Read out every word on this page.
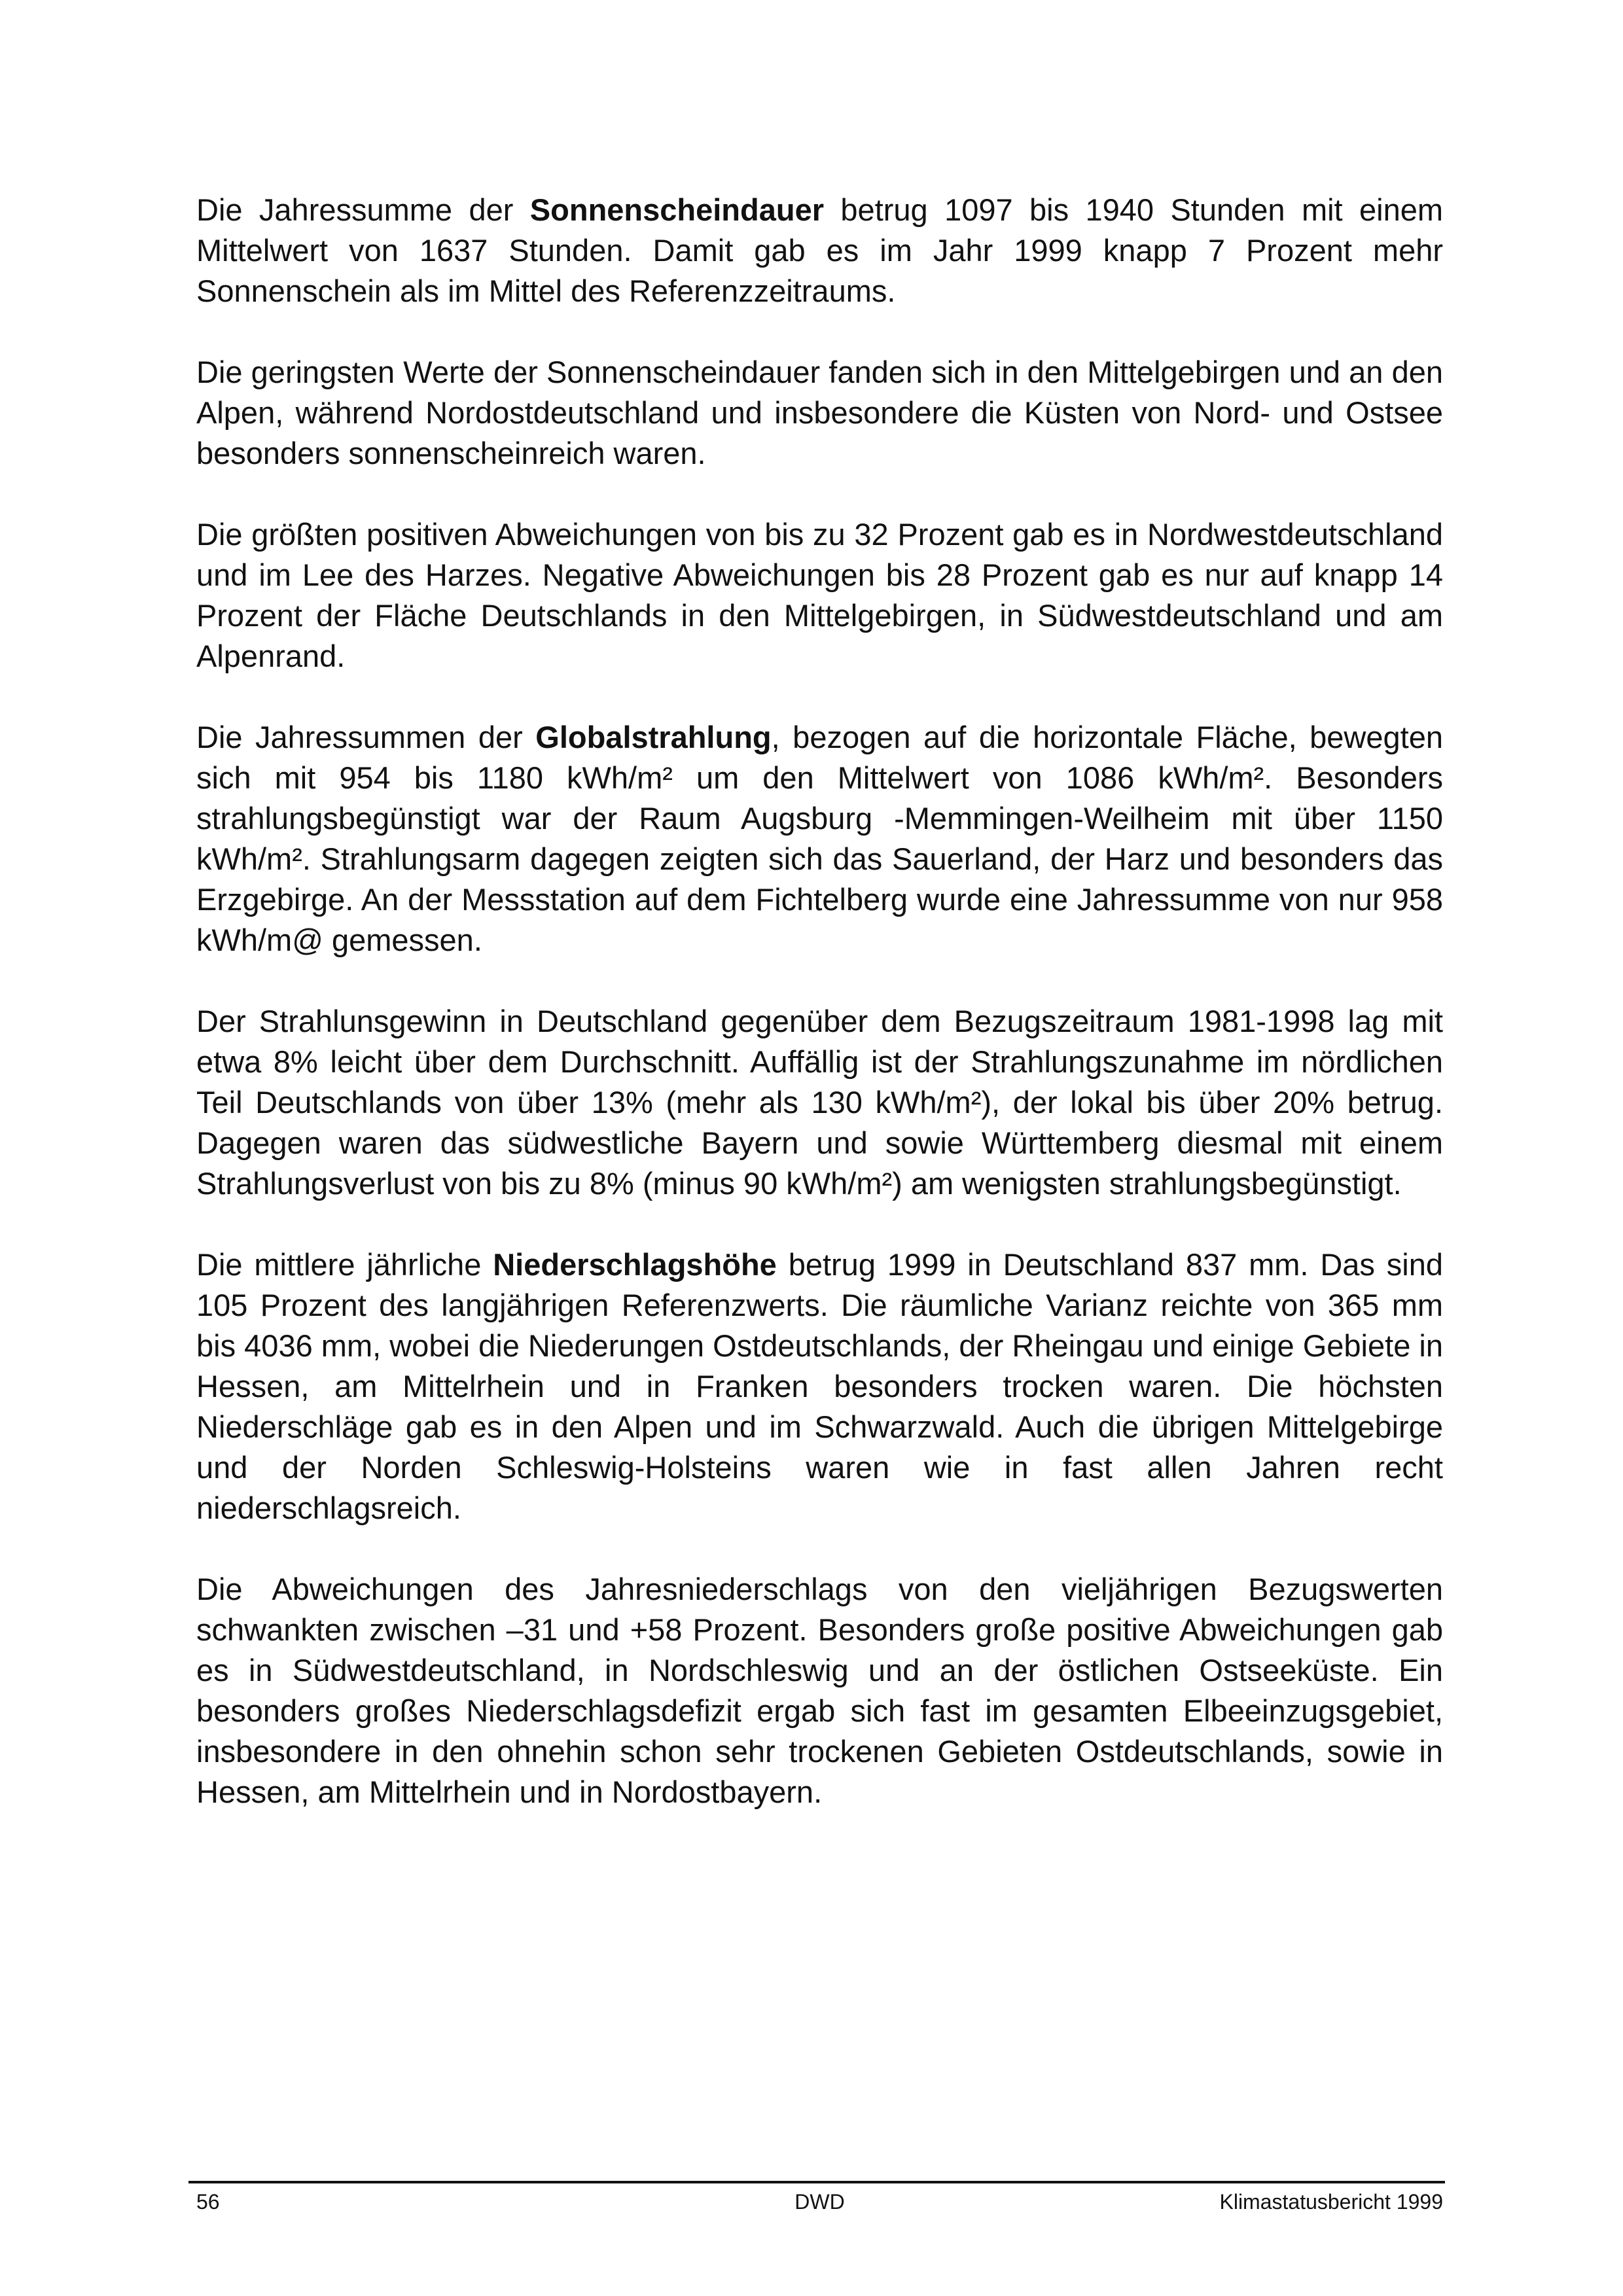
Die Jahressumme der Sonnenscheindauer betrug 1097 bis 1940 Stunden mit einem Mittelwert von 1637 Stunden. Damit gab es im Jahr 1999 knapp 7 Prozent mehr Sonnenschein als im Mittel des Referenzzeitraums.

Die geringsten Werte der Sonnenscheindauer fanden sich in den Mittelgebirgen und an den Alpen, während Nordostdeutschland und insbesondere die Küsten von Nord- und Ostsee besonders sonnenscheinreich waren.

Die größten positiven Abweichungen von bis zu 32 Prozent gab es in Nordwestdeutschland und im Lee des Harzes. Negative Abweichungen bis 28 Prozent gab es nur auf knapp 14 Prozent der Fläche Deutschlands in den Mittelgebirgen, in Südwestdeutschland und am Alpenrand.

Die Jahressummen der Globalstrahlung, bezogen auf die horizontale Fläche, bewegten sich mit 954 bis 1180 kWh/m² um den Mittelwert von 1086 kWh/m². Besonders strahlungsbegünstigt war der Raum Augsburg -Memmingen-Weilheim mit über 1150 kWh/m². Strahlungsarm dagegen zeigten sich das Sauerland, der Harz und besonders das Erzgebirge. An der Messstation auf dem Fichtelberg wurde eine Jahressumme von nur 958 kWh/m@ gemessen.

Der Strahlunsgewinn in Deutschland gegenüber dem Bezugszeitraum 1981-1998 lag mit etwa 8% leicht über dem Durchschnitt. Auffällig ist der Strahlungszunahme im nördlichen Teil Deutschlands von über 13% (mehr als 130 kWh/m²), der lokal bis über 20% betrug. Dagegen waren das südwestliche Bayern und sowie Württemberg diesmal mit einem Strahlungsverlust von bis zu 8% (minus 90 kWh/m²) am wenigsten strahlungsbegünstigt.

Die mittlere jährliche Niederschlagshöhe betrug 1999 in Deutschland 837 mm. Das sind 105 Prozent des langjährigen Referenzwerts. Die räumliche Varianz reichte von 365 mm bis 4036 mm, wobei die Niederungen Ostdeutschlands, der Rheingau und einige Gebiete in Hessen, am Mittelrhein und in Franken besonders trocken waren. Die höchsten Niederschläge gab es in den Alpen und im Schwarzwald. Auch die übrigen Mittelgebirge und der Norden Schleswig-Holsteins waren wie in fast allen Jahren recht niederschlagsreich.

Die Abweichungen des Jahresniederschlags von den vieljährigen Bezugswerten schwankten zwischen –31 und +58 Prozent. Besonders große positive Abweichungen gab es in Südwestdeutschland, in Nordschleswig und an der östlichen Ostseeküste. Ein besonders großes Niederschlagsdefizit ergab sich fast im gesamten Elbeeinzugsgebiet, insbesondere in den ohnehin schon sehr trockenen Gebieten Ostdeutschlands, sowie in Hessen, am Mittelrhein und in Nordostbayern.

56	DWD	Klimastatusbericht 1999
